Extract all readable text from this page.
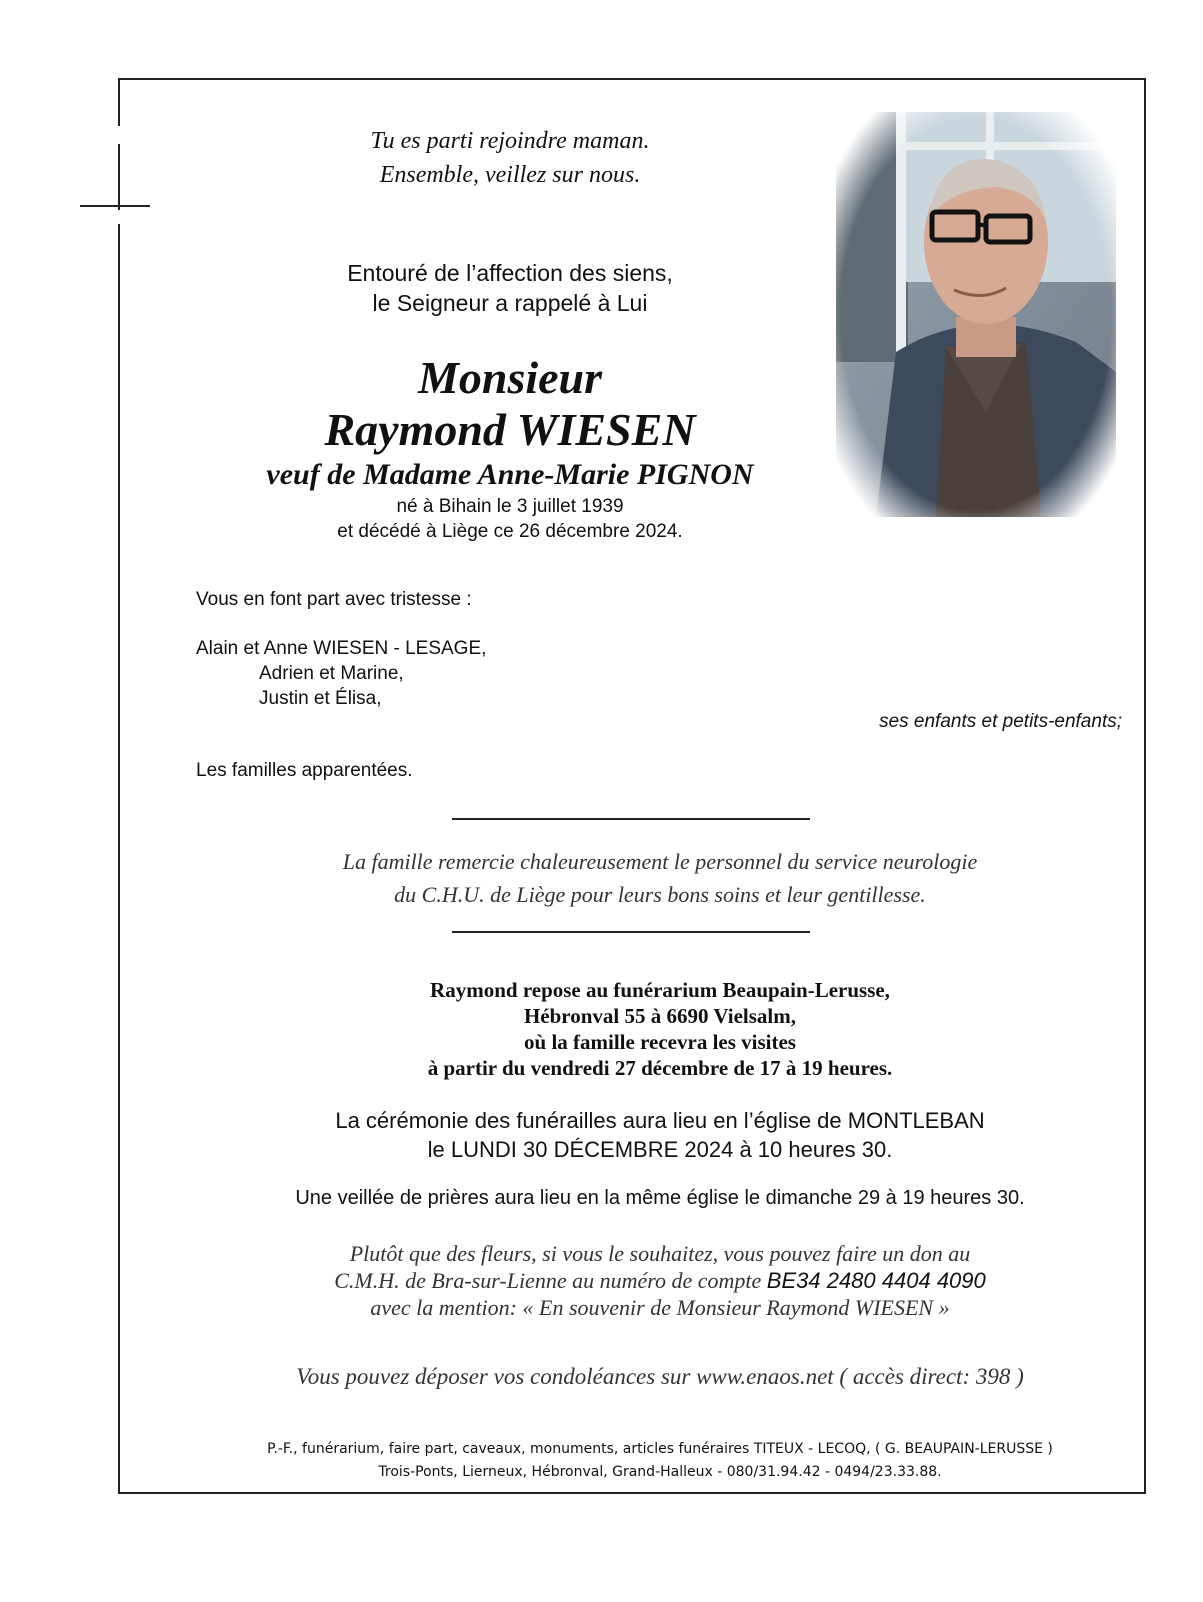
Tu es parti rejoindre maman.
Ensemble, veillez sur nous.
Entouré de l’affection des siens,
le Seigneur a rappelé à Lui
Monsieur
Raymond WIESEN
veuf de Madame Anne-Marie PIGNON
né à Bihain le 3 juillet 1939
et décédé à Liège ce 26 décembre 2024.
Vous en font part avec tristesse :
Alain et Anne WIESEN - LESAGE,
Adrien et Marine,
Justin et Élisa,
ses enfants et petits-enfants;
Les familles apparentées.
La famille remercie chaleureusement le personnel du service neurologie
du C.H.U. de Liège pour leurs bons soins et leur gentillesse.
Raymond repose au funérarium Beaupain-Lerusse,
Hébronval 55 à 6690 Vielsalm,
où la famille recevra les visites
à partir du vendredi 27 décembre de 17 à 19 heures.
La cérémonie des funérailles aura lieu en l’église de MONTLEBAN
le LUNDI 30 DÉCEMBRE 2024 à 10 heures 30.
Une veillée de prières aura lieu en la même église le dimanche 29 à 19 heures 30.
Plutôt que des fleurs, si vous le souhaitez, vous pouvez faire un don au
C.M.H. de Bra-sur-Lienne au numéro de compte BE34 2480 4404 4090
avec la mention: « En souvenir de Monsieur Raymond WIESEN »
Vous pouvez déposer vos condoléances sur www.enaos.net ( accès direct: 398 )
P.-F., funérarium, faire part, caveaux, monuments, articles funéraires TITEUX - LECOQ, ( G. BEAUPAIN-LERUSSE )
Trois-Ponts, Lierneux, Hébronval, Grand-Halleux - 080/31.94.42 - 0494/23.33.88.
